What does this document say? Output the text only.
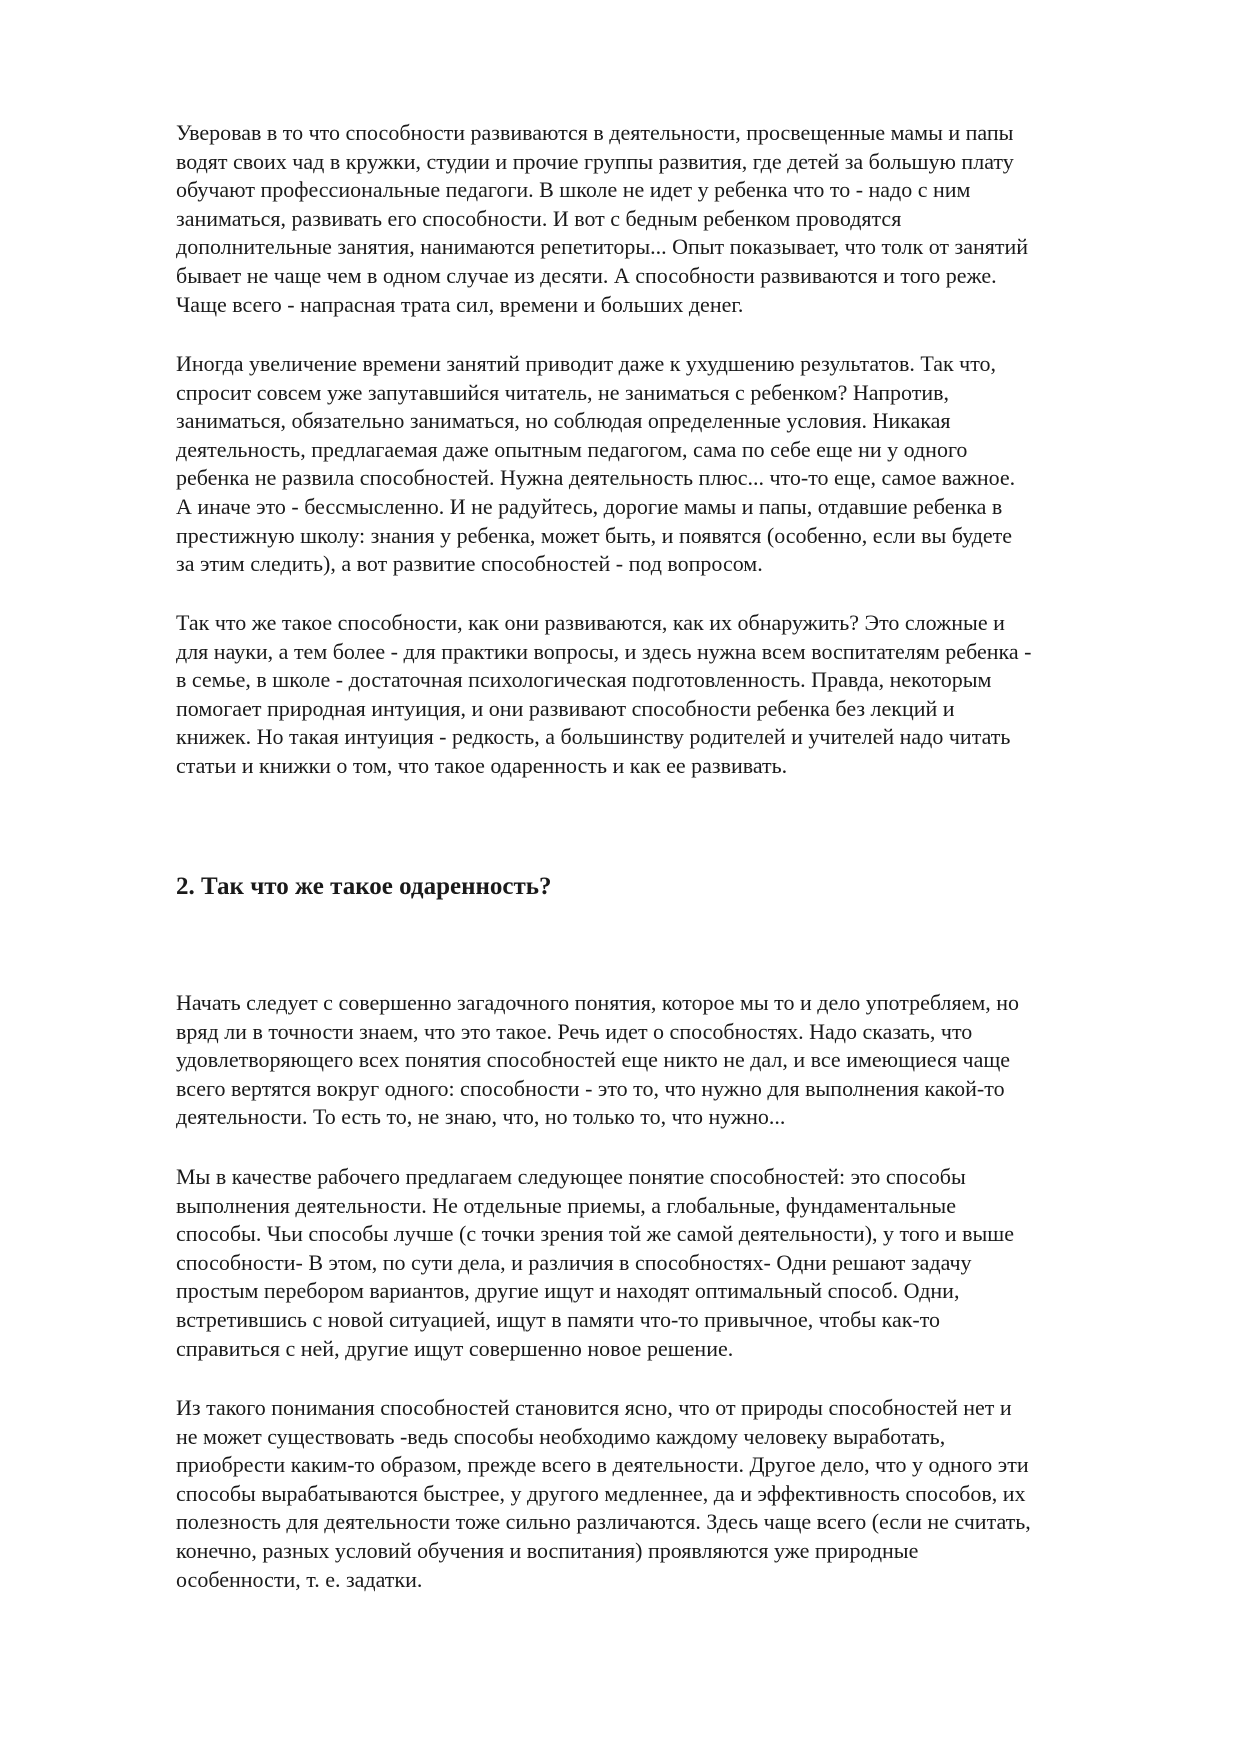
Уверовав в то что способности развиваются в деятельности, просвещенные мамы и папы
водят своих чад в кружки, студии и прочие группы развития, где детей за большую плату
обучают профессиональные педагоги. В школе не идет у ребенка что то - надо с ним
заниматься, развивать его способности. И вот с бедным ребенком проводятся
дополнительные занятия, нанимаются репетиторы... Опыт показывает, что толк от занятий
бывает не чаще чем в одном случае из десяти. А способности развиваются и того реже.
Чаще всего - напрасная трата сил, времени и больших денег.

Иногда увеличение времени занятий приводит даже к ухудшению результатов. Так что,
спросит совсем уже запутавшийся читатель, не заниматься с ребенком? Напротив,
заниматься, обязательно заниматься, но соблюдая определенные условия. Никакая
деятельность, предлагаемая даже опытным педагогом, сама по себе еще ни у одного
ребенка не развила способностей. Нужна деятельность плюс... что-то еще, самое важное.
А иначе это - бессмысленно. И не радуйтесь, дорогие мамы и папы, отдавшие ребенка в
престижную школу: знания у ребенка, может быть, и появятся (особенно, если вы будете
за этим следить), а вот развитие способностей - под вопросом.

Так что же такое способности, как они развиваются, как их обнаружить? Это сложные и
для науки, а тем более - для практики вопросы, и здесь нужна всем воспитателям ребенка -
в семье, в школе - достаточная психологическая подготовленность. Правда, некоторым
помогает природная интуиция, и они развивают способности ребенка без лекций и
книжек. Но такая интуиция - редкость, а большинству родителей и учителей надо читать
статьи и книжки о том, что такое одаренность и как ее развивать.

2. Так что же такое одаренность?

Начать следует с совершенно загадочного понятия, которое мы то и дело употребляем, но
вряд ли в точности знаем, что это такое. Речь идет о способностях. Надо сказать, что
удовлетворяющего всех понятия способностей еще никто не дал, и все имеющиеся чаще
всего вертятся вокруг одного: способности - это то, что нужно для выполнения какой-то
деятельности. То есть то, не знаю, что, но только то, что нужно...

Мы в качестве рабочего предлагаем следующее понятие способностей: это способы
выполнения деятельности. Не отдельные приемы, а глобальные, фундаментальные
способы. Чьи способы лучше (с точки зрения той же самой деятельности), у того и выше
способности- В этом, по сути дела, и различия в способностях- Одни решают задачу
простым перебором вариантов, другие ищут и находят оптимальный способ. Одни,
встретившись с новой ситуацией, ищут в памяти что-то привычное, чтобы как-то
справиться с ней, другие ищут совершенно новое решение.

Из такого понимания способностей становится ясно, что от природы способностей нет и
не может существовать -ведь способы необходимо каждому человеку выработать,
приобрести каким-то образом, прежде всего в деятельности. Другое дело, что у одного эти
способы вырабатываются быстрее, у другого медленнее, да и эффективность способов, их
полезность для деятельности тоже сильно различаются. Здесь чаще всего (если не считать,
конечно, разных условий обучения и воспитания) проявляются уже природные
особенности, т. е. задатки.
